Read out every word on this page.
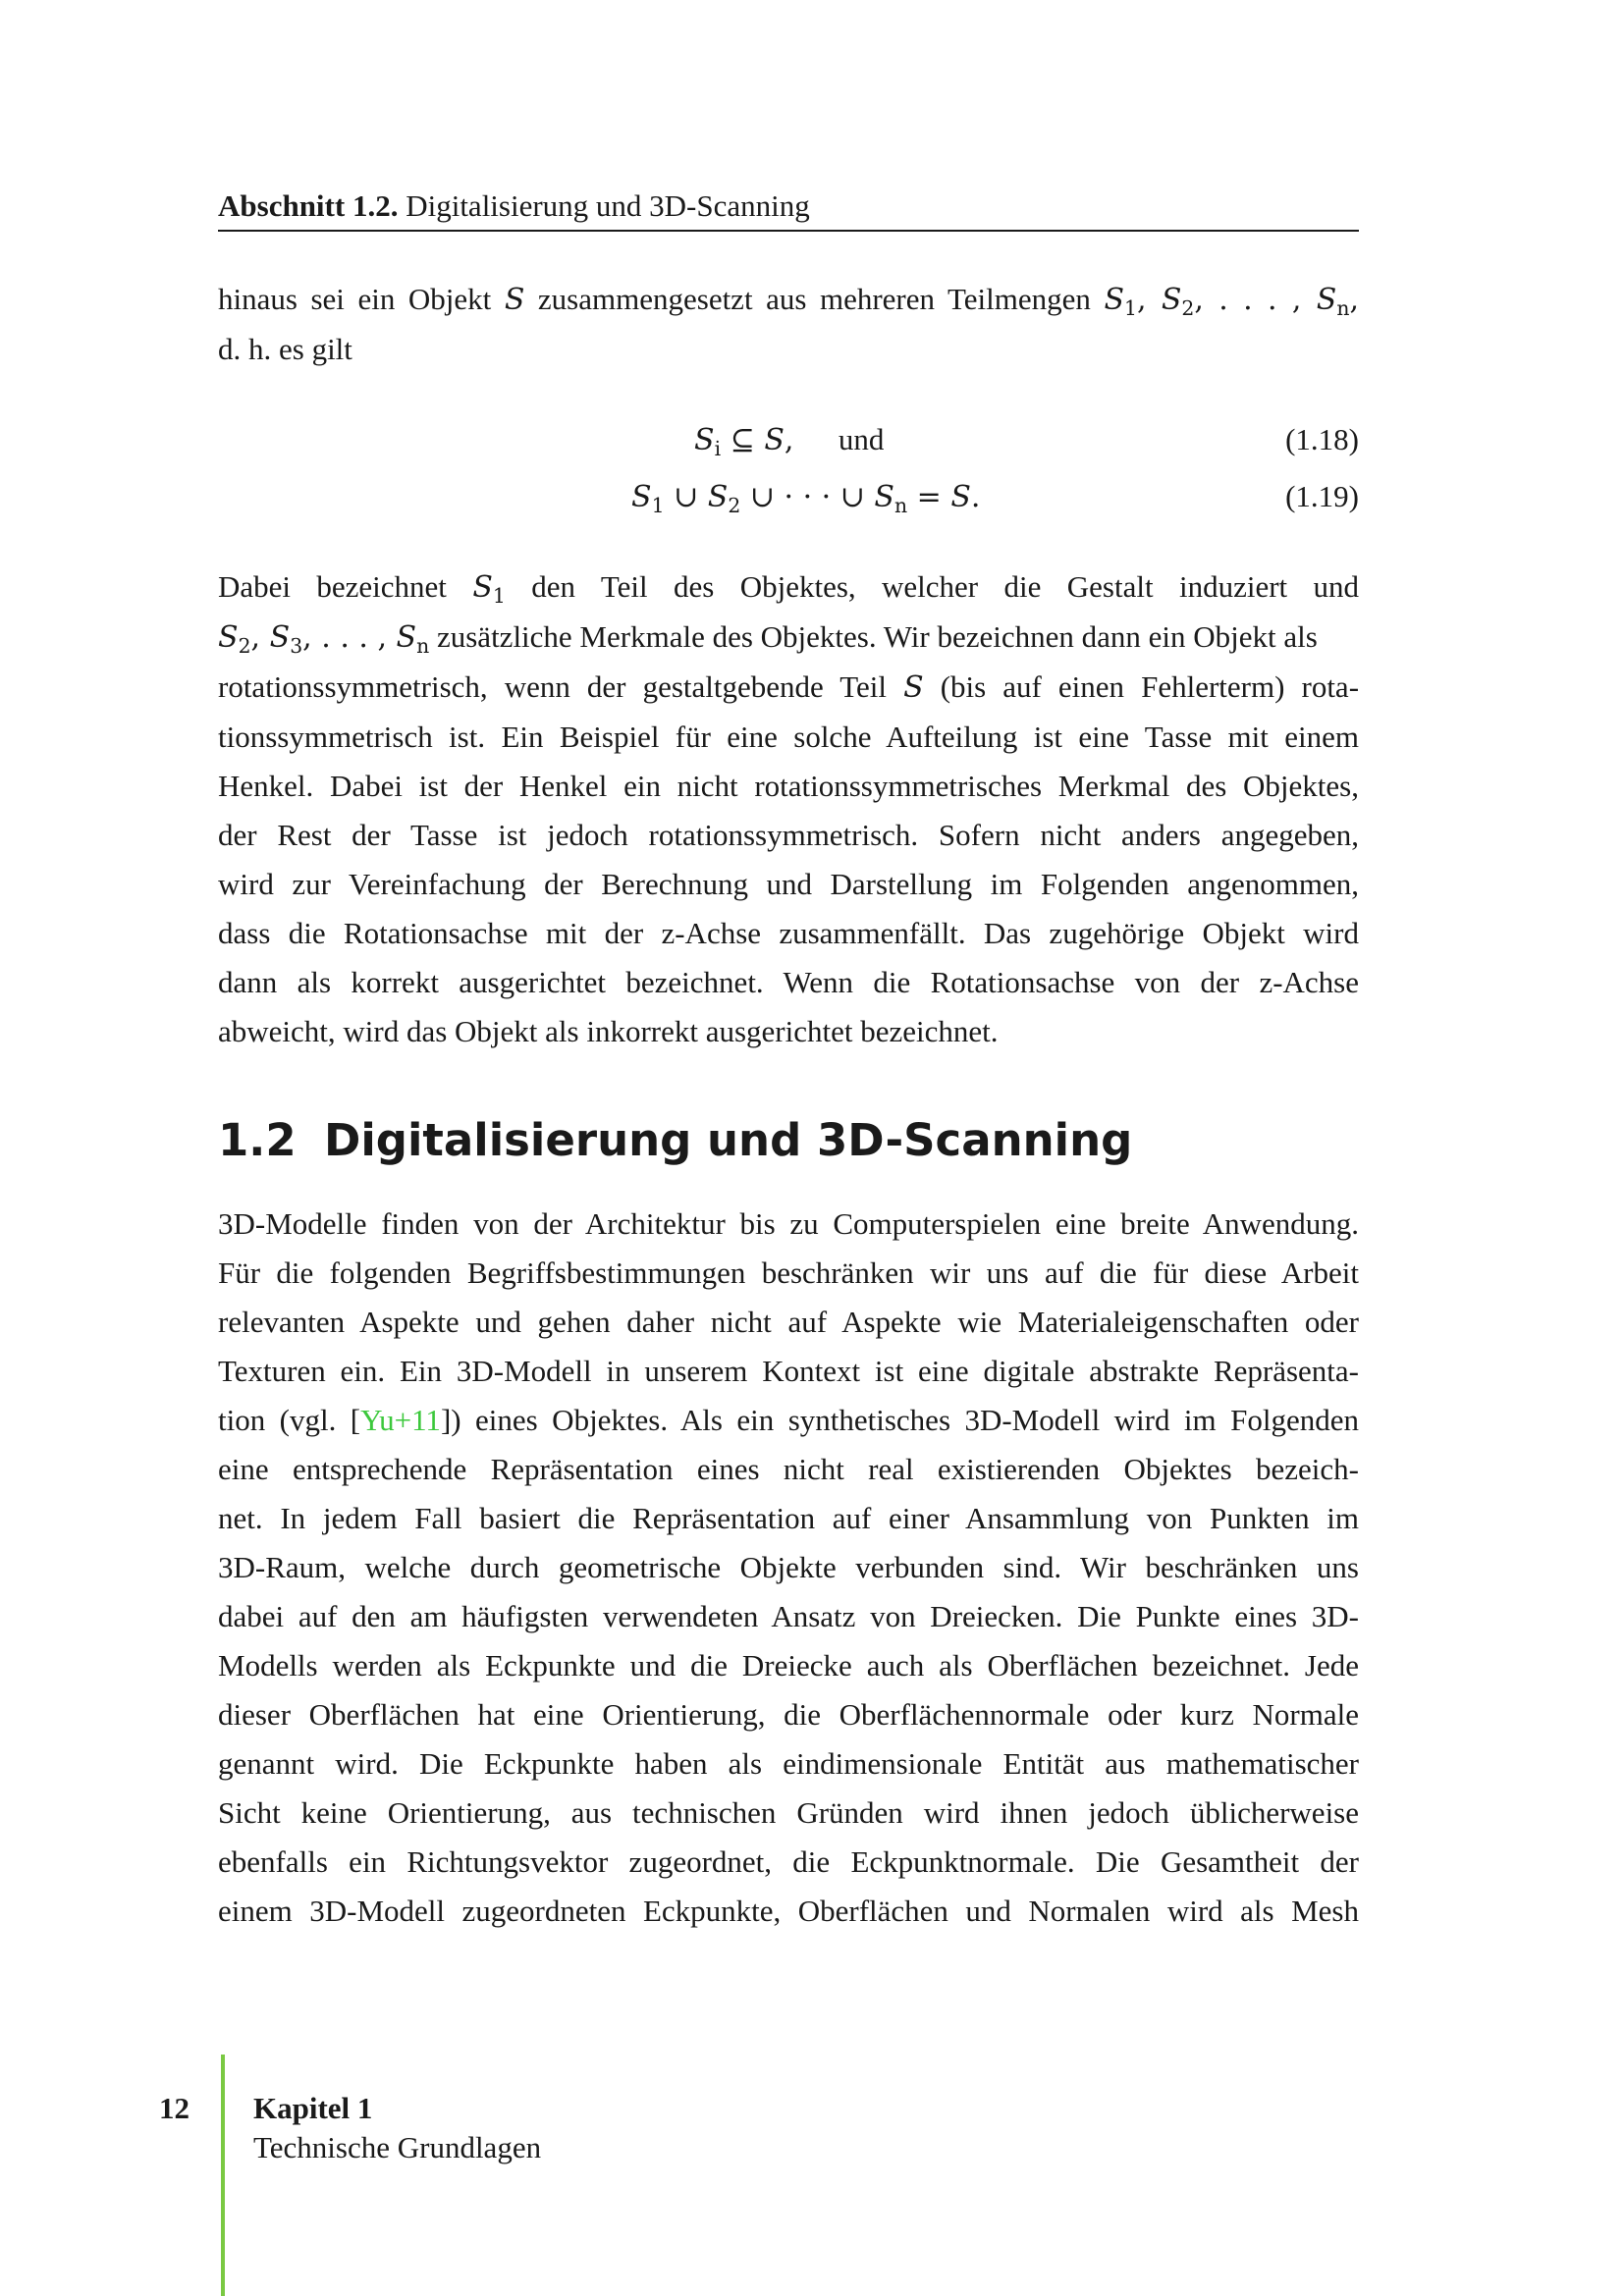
Abschnitt 1.2. Digitalisierung und 3D-Scanning
hinaus sei ein Objekt S zusammengesetzt aus mehreren Teilmengen $S_1$, $S_2$, . . . , $S_n$,
d. h. es gilt
$S_i$ ⊆ S, und	(1.18)
$S_1$ ∪ $S_2$ ∪ · · · ∪ $S_n = S$.	(1.19)
Dabei bezeichnet $S_1$ den Teil des Objektes, welcher die Gestalt induziert und
$S_2$, $S_3$, . . . , $S_n$ zusätzliche Merkmale des Objektes. Wir bezeichnen dann ein Objekt als
rotationssymmetrisch, wenn der gestaltgebende Teil S (bis auf einen Fehlerterm) rota-
tionssymmetrisch ist. Ein Beispiel für eine solche Aufteilung ist eine Tasse mit einem
Henkel. Dabei ist der Henkel ein nicht rotationssymmetrisches Merkmal des Objektes,
der Rest der Tasse ist jedoch rotationssymmetrisch. Sofern nicht anders angegeben,
wird zur Vereinfachung der Berechnung und Darstellung im Folgenden angenommen,
dass die Rotationsachse mit der z-Achse zusammenfällt. Das zugehörige Objekt wird
dann als korrekt ausgerichtet bezeichnet. Wenn die Rotationsachse von der z-Achse
abweicht, wird das Objekt als inkorrekt ausgerichtet bezeichnet.
1.2 Digitalisierung und 3D-Scanning
3D-Modelle finden von der Architektur bis zu Computerspielen eine breite Anwendung.
Für die folgenden Begriffsbestimmungen beschränken wir uns auf die für diese Arbeit
relevanten Aspekte und gehen daher nicht auf Aspekte wie Materialeigenschaften oder
Texturen ein. Ein 3D-Modell in unserem Kontext ist eine digitale abstrakte Repräsenta-
tion (vgl. [Yu+11]) eines Objektes. Als ein synthetisches 3D-Modell wird im Folgenden
eine entsprechende Repräsentation eines nicht real existierenden Objektes bezeich-
net. In jedem Fall basiert die Repräsentation auf einer Ansammlung von Punkten im
3D-Raum, welche durch geometrische Objekte verbunden sind. Wir beschränken uns
dabei auf den am häufigsten verwendeten Ansatz von Dreiecken. Die Punkte eines 3D-
Modells werden als Eckpunkte und die Dreiecke auch als Oberflächen bezeichnet. Jede
dieser Oberflächen hat eine Orientierung, die Oberflächennormale oder kurz Normale
genannt wird. Die Eckpunkte haben als eindimensionale Entität aus mathematischer
Sicht keine Orientierung, aus technischen Gründen wird ihnen jedoch üblicherweise
ebenfalls ein Richtungsvektor zugeordnet, die Eckpunktnormale. Die Gesamtheit der
einem 3D-Modell zugeordneten Eckpunkte, Oberflächen und Normalen wird als Mesh
12 Kapitel 1
Technische Grundlagen
